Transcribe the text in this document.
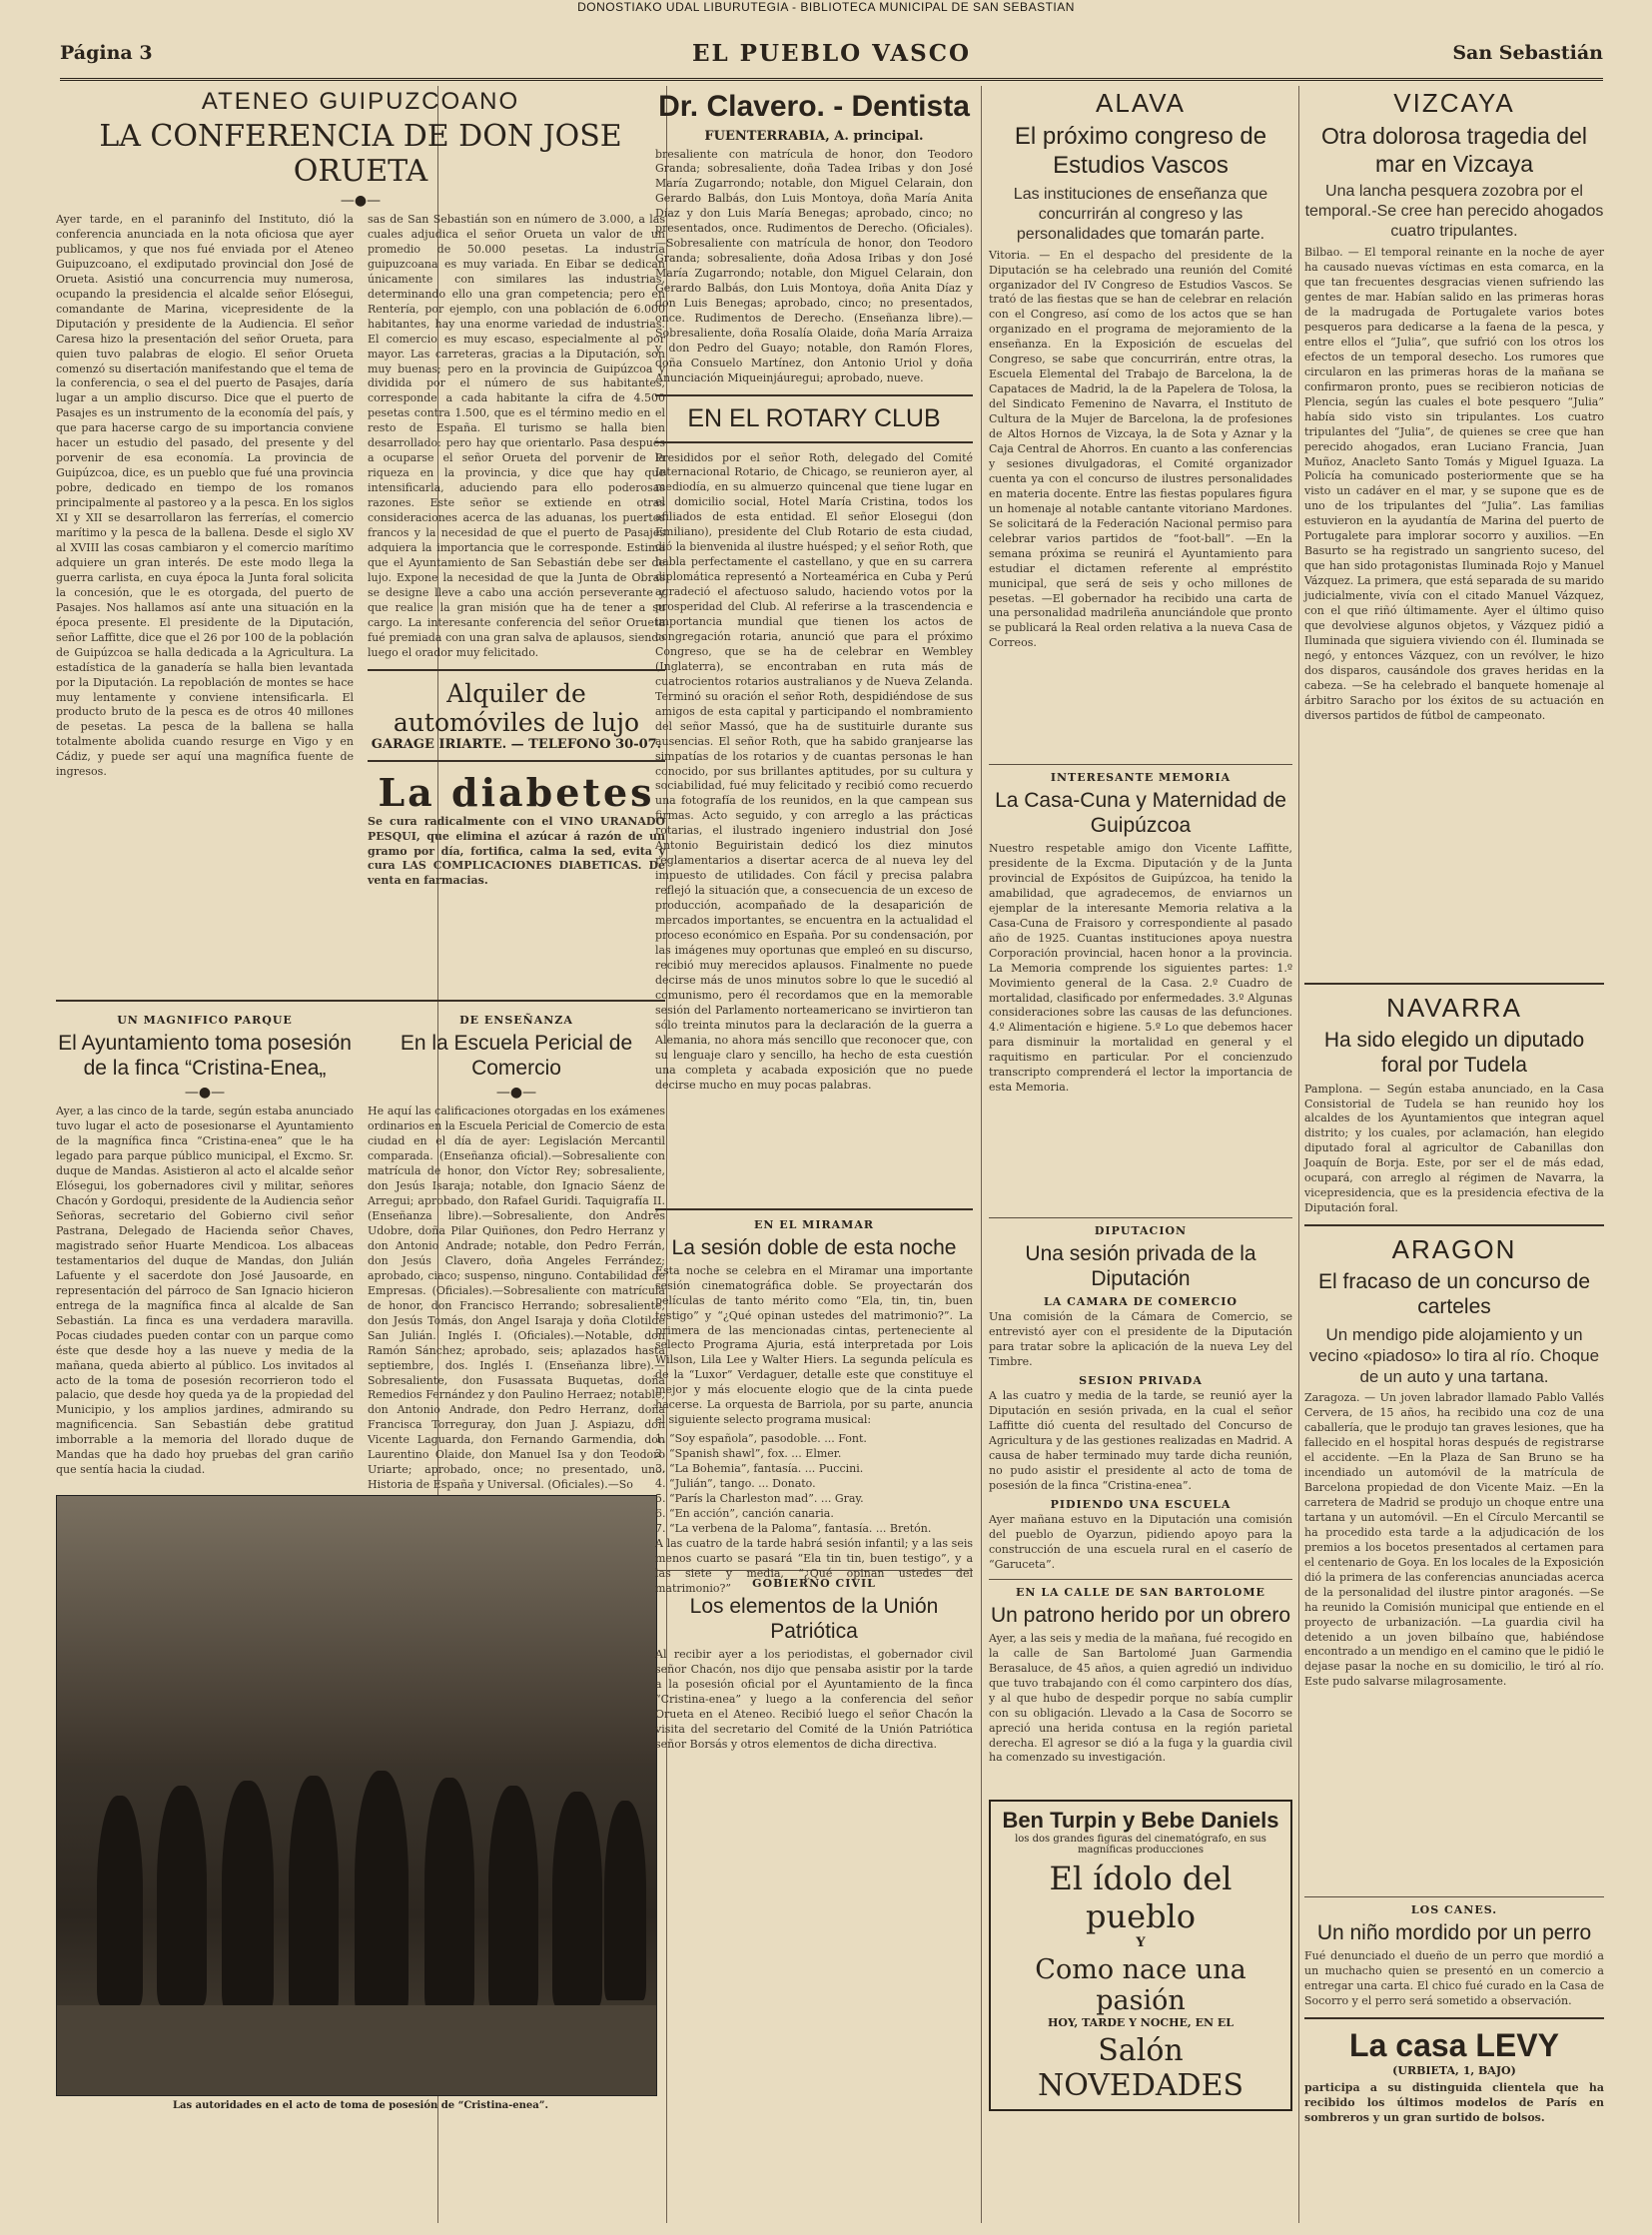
DONOSTIAKO UDAL LIBURUTEGIA - BIBLIOTECA MUNICIPAL DE SAN SEBASTIAN
Página 3	EL PUEBLO VASCO	San Sebastián
ATENEO GUIPUZCOANO
LA CONFERENCIA DE DON JOSE ORUETA
—●—

Ayer tarde, en el paraninfo del Instituto, dió la conferencia anunciada en la nota oficiosa que ayer publicamos, y que nos fué enviada por el Ateneo Guipuzcoano, el exdiputado provincial don José de Orueta. Asistió una concurrencia muy numerosa, ocupando la presidencia el alcalde señor Elósegui, comandante de Marina, vicepresidente de la Diputación y presidente de la Audiencia. El señor Caresa hizo la presentación del señor Orueta, para quien tuvo palabras de elogio. El señor Orueta comenzó su disertación manifestando que el tema de la conferencia, o sea el del puerto de Pasajes, daría lugar a un amplio discurso. Dice que el puerto de Pasajes es un instrumento de la economía del país, y que para hacerse cargo de su importancia conviene hacer un estudio del pasado, del presente y del porvenir de esa economía. La provincia de Guipúzcoa, dice, es un pueblo que fué una provincia pobre, dedicado en tiempo de los romanos principalmente al pastoreo y a la pesca. En los siglos XI y XII se desarrollaron las ferrerías, el comercio marítimo y la pesca de la ballena. Desde el siglo XV al XVIII las cosas cambiaron y el comercio marítimo adquiere un gran interés. De este modo llega la guerra carlista, en cuya época la Junta foral solicita la concesión, que le es otorgada, del puerto de Pasajes. Nos hallamos así ante una situación en la época presente. El presidente de la Diputación, señor Laffitte, dice que el 26 por 100 de la población de Guipúzcoa se halla dedicada a la Agricultura. La estadística de la ganadería se halla bien levantada por la Diputación. La repoblación de montes se hace muy lentamente y conviene intensificarla. El producto bruto de la pesca es de otros 40 millones de pesetas. La pesca de la ballena se halla totalmente abolida cuando resurge en Vigo y en Cádiz, y puede ser aquí una magnífica fuente de ingresos.

sas de San Sebastián son en número de 3.000, a las cuales adjudica el señor Orueta un valor de un promedio de 50.000 pesetas. La industria guipuzcoana es muy variada. En Eibar se dedican únicamente con similares las industrias, determinando ello una gran competencia; pero en Rentería, por ejemplo, con una población de 6.000 habitantes, hay una enorme variedad de industrias. El comercio es muy escaso, especialmente al por mayor. Las carreteras, gracias a la Diputación, son muy buenas; pero en la provincia de Guipúzcoa y dividida por el número de sus habitantes, corresponde a cada habitante la cifra de 4.500 pesetas contra 1.500, que es el término medio en el resto de España. El turismo se halla bien desarrollado: pero hay que orientarlo. Pasa después a ocuparse el señor Orueta del porvenir de la riqueza en la provincia, y dice que hay que intensificarla, aduciendo para ello poderosas razones. Este señor se extiende en otras consideraciones acerca de las aduanas, los puertos francos y la necesidad de que el puerto de Pasajes adquiera la importancia que le corresponde. Estima que el Ayuntamiento de San Sebastián debe ser de lujo. Expone la necesidad de que la Junta de Obras se designe lleve a cabo una acción perseverante y que realice la gran misión que ha de tener a su cargo. La interesante conferencia del señor Orueta fué premiada con una gran salva de aplausos, siendo luego el orador muy felicitado.

Alquiler de automóviles de lujo
GARAGE IRIARTE. — TELEFONO 30-07.
La diabetes

Se cura radicalmente con el VINO URANADO PESQUI, que elimina el azúcar á razón de un gramo por día, fortifica, calma la sed, evita y cura LAS COMPLICACIONES DIABETICAS. De venta en farmacias.

UN MAGNIFICO PARQUE
El Ayuntamiento toma posesión de la finca “Cristina-Enea„
—●—

Ayer, a las cinco de la tarde, según estaba anunciado tuvo lugar el acto de posesionarse el Ayuntamiento de la magnífica finca “Cristina-enea” que le ha legado para parque público municipal, el Excmo. Sr. duque de Mandas. Asistieron al acto el alcalde señor Elósegui, los gobernadores civil y militar, señores Chacón y Gordoqui, presidente de la Audiencia señor Señoras, secretario del Gobierno civil señor Pastrana, Delegado de Hacienda señor Chaves, magistrado señor Huarte Mendicoa. Los albaceas testamentarios del duque de Mandas, don Julián Lafuente y el sacerdote don José Jausoarde, en representación del párroco de San Ignacio hicieron entrega de la magnífica finca al alcalde de San Sebastián. La finca es una verdadera maravilla. Pocas ciudades pueden contar con un parque como éste que desde hoy a las nueve y media de la mañana, queda abierto al público. Los invitados al acto de la toma de posesión recorrieron todo el palacio, que desde hoy queda ya de la propiedad del Municipio, y los amplios jardines, admirando su magnificencia. San Sebastián debe gratitud imborrable a la memoria del llorado duque de Mandas que ha dado hoy pruebas del gran cariño que sentía hacia la ciudad.

DE ENSEÑANZA
En la Escuela Pericial de Comercio
—●—

He aquí las calificaciones otorgadas en los exámenes ordinarios en la Escuela Pericial de Comercio de esta ciudad en el día de ayer: Legislación Mercantil comparada. (Enseñanza oficial).—Sobresaliente con matrícula de honor, don Víctor Rey; sobresaliente, don Jesús Isaraja; notable, don Ignacio Sáenz de Arregui; aprobado, don Rafael Guridi. Taquigrafía II. (Enseñanza libre).—Sobresaliente, don Andrés Udobre, doña Pilar Quiñones, don Pedro Herranz y don Antonio Andrade; notable, don Pedro Ferrán, don Jesús Clavero, doña Angeles Ferrández; aprobado, ciaco; suspenso, ninguno. Contabilidad de Empresas. (Oficiales).—Sobresaliente con matrícula de honor, don Francisco Herrando; sobresaliente, don Jesús Tomás, don Angel Isaraja y doña Clotilde San Julián. Inglés I. (Oficiales).—Notable, don Ramón Sánchez; aprobado, seis; aplazados hasta septiembre, dos. Inglés I. (Enseñanza libre).—Sobresaliente, don Fusassata Buquetas, doña Remedios Fernández y don Paulino Herraez; notable, don Antonio Andrade, don Pedro Herranz, doña Francisca Torreguray, don Juan J. Aspiazu, don Vicente Laguarda, don Fernando Garmendia, don Laurentino Olaide, don Manuel Isa y don Teodoro Uriarte; aprobado, once; no presentado, uno. Historia de España y Universal. (Oficiales).—So

Las autoridades en el acto de toma de posesión de “Cristina-enea”.
Dr. Clavero. - Dentista
FUENTERRABIA, A. principal.

bresaliente con matrícula de honor, don Teodoro Granda; sobresaliente, doña Tadea Iribas y don José María Zugarrondo; notable, don Miguel Celarain, don Gerardo Balbás, don Luis Montoya, doña María Anita Díaz y don Luis María Benegas; aprobado, cinco; no presentados, once. Rudimentos de Derecho. (Oficiales).—Sobresaliente con matrícula de honor, don Teodoro Granda; sobresaliente, doña Adosa Iribas y don José María Zugarrondo; notable, don Miguel Celarain, don Gerardo Balbás, don Luis Montoya, doña Anita Díaz y don Luis Benegas; aprobado, cinco; no presentados, once. Rudimentos de Derecho. (Enseñanza libre).—Sobresaliente, doña Rosalía Olaide, doña María Arraiza y don Pedro del Guayo; notable, don Ramón Flores, doña Consuelo Martínez, don Antonio Uriol y doña Anunciación Miqueinjáuregui; aprobado, nueve.

EN EL ROTARY CLUB

Presididos por el señor Roth, delegado del Comité Internacional Rotario, de Chicago, se reunieron ayer, al mediodía, en su almuerzo quincenal que tiene lugar en el domicilio social, Hotel María Cristina, todos los afiliados de esta entidad. El señor Elosegui (don Emiliano), presidente del Club Rotario de esta ciudad, dió la bienvenida al ilustre huésped; y el señor Roth, que habla perfectamente el castellano, y que en su carrera diplomática representó a Norteamérica en Cuba y Perú agradeció el afectuoso saludo, haciendo votos por la prosperidad del Club. Al referirse a la trascendencia e importancia mundial que tienen los actos de congregación rotaria, anunció que para el próximo Congreso, que se ha de celebrar en Wembley (Inglaterra), se encontraban en ruta más de cuatrocientos rotarios australianos y de Nueva Zelanda. Terminó su oración el señor Roth, despidiéndose de sus amigos de esta capital y participando el nombramiento del señor Massó, que ha de sustituirle durante sus ausencias. El señor Roth, que ha sabido granjearse las simpatías de los rotarios y de cuantas personas le han conocido, por sus brillantes aptitudes, por su cultura y sociabilidad, fué muy felicitado y recibió como recuerdo una fotografía de los reunidos, en la que campean sus firmas. Acto seguido, y con arreglo a las prácticas rotarias, el ilustrado ingeniero industrial don José Antonio Beguiristain dedicó los diez minutos reglamentarios a disertar acerca de al nueva ley del impuesto de utilidades. Con fácil y precisa palabra reflejó la situación que, a consecuencia de un exceso de producción, acompañado de la desaparición de mercados importantes, se encuentra en la actualidad el proceso económico en España. Por su condensación, por las imágenes muy oportunas que empleó en su discurso, recibió muy merecidos aplausos. Finalmente no puede decirse más de unos minutos sobre lo que le sucedió al comunismo, pero él recordamos que en la memorable sesión del Parlamento norteamericano se invirtieron tan sólo treinta minutos para la declaración de la guerra a Alemania, no ahora más sencillo que reconocer que, con su lenguaje claro y sencillo, ha hecho de esta cuestión una completa y acabada exposición que no puede decirse mucho en muy pocas palabras.

EN EL MIRAMAR
La sesión doble de esta noche

Esta noche se celebra en el Miramar una importante sesión cinematográfica doble. Se proyectarán dos películas de tanto mérito como “Ela, tin, tin, buen testigo” y “¿Qué opinan ustedes del matrimonio?”. La primera de las mencionadas cintas, perteneciente al selecto Programa Ajuria, está interpretada por Lois Wilson, Lila Lee y Walter Hiers. La segunda película es de la “Luxor” Verdaguer, detalle este que constituye el mejor y más elocuente elogio que de la cinta puede hacerse. La orquesta de Barriola, por su parte, anuncia el siguiente selecto programa musical:

1. “Soy española”, pasodoble. ... Font.
2. “Spanish shawl”, fox. ... Elmer.
3. “La Bohemia”, fantasía. ... Puccini.
4. “Julián”, tango. ... Donato.
5. “París la Charleston mad”. ... Gray.
6. “En acción”, canción canaria.
7. “La verbena de la Paloma”, fantasía. ... Bretón.

A las cuatro de la tarde habrá sesión infantil; y a las seis menos cuarto se pasará “Ela tin tin, buen testigo”, y a las siete y media, “¿Qué opinan ustedes del matrimonio?”	GOBIERNO CIVIL
Los elementos de la Unión Patriótica

Al recibir ayer a los periodistas, el gobernador civil señor Chacón, nos dijo que pensaba asistir por la tarde a la posesión oficial por el Ayuntamiento de la finca “Cristina-enea” y luego a la conferencia del señor Orueta en el Ateneo. Recibió luego el señor Chacón la visita del secretario del Comité de la Unión Patriótica señor Borsás y otros elementos de dicha directiva.

ALAVA
El próximo congreso de Estudios Vascos
Las instituciones de enseñanza que concurrirán al congreso y las personalidades que tomarán parte.

Vitoria. — En el despacho del presidente de la Diputación se ha celebrado una reunión del Comité organizador del IV Congreso de Estudios Vascos. Se trató de las fiestas que se han de celebrar en relación con el Congreso, así como de los actos que se han organizado en el programa de mejoramiento de la enseñanza. En la Exposición de escuelas del Congreso, se sabe que concurrirán, entre otras, la Escuela Elemental del Trabajo de Barcelona, la de Capataces de Madrid, la de la Papelera de Tolosa, la del Sindicato Femenino de Navarra, el Instituto de Cultura de la Mujer de Barcelona, la de profesiones de Altos Hornos de Vizcaya, la de Sota y Aznar y la Caja Central de Ahorros. En cuanto a las conferencias y sesiones divulgadoras, el Comité organizador cuenta ya con el concurso de ilustres personalidades en materia docente. Entre las fiestas populares figura un homenaje al notable cantante vitoriano Mardones. Se solicitará de la Federación Nacional permiso para celebrar varios partidos de “foot-ball”. —En la semana próxima se reunirá el Ayuntamiento para estudiar el dictamen referente al empréstito municipal, que será de seis y ocho millones de pesetas. —El gobernador ha recibido una carta de una personalidad madrileña anunciándole que pronto se publicará la Real orden relativa a la nueva Casa de Correos.

INTERESANTE MEMORIA
La Casa-Cuna y Maternidad de Guipúzcoa

Nuestro respetable amigo don Vicente Laffitte, presidente de la Excma. Diputación y de la Junta provincial de Expósitos de Guipúzcoa, ha tenido la amabilidad, que agradecemos, de enviarnos un ejemplar de la interesante Memoria relativa a la Casa-Cuna de Fraisoro y correspondiente al pasado año de 1925. Cuantas instituciones apoya nuestra Corporación provincial, hacen honor a la provincia. La Memoria comprende los siguientes partes: 1.º Movimiento general de la Casa. 2.º Cuadro de mortalidad, clasificado por enfermedades. 3.º Algunas consideraciones sobre las causas de las defunciones. 4.º Alimentación e higiene. 5.º Lo que debemos hacer para disminuir la mortalidad en general y el raquitismo en particular. Por el concienzudo transcripto comprenderá el lector la importancia de esta Memoria.

DIPUTACION
Una sesión privada de la Diputación
LA CAMARA DE COMERCIO

Una comisión de la Cámara de Comercio, se entrevistó ayer con el presidente de la Diputación para tratar sobre la aplicación de la nueva Ley del Timbre.

SESION PRIVADA

A las cuatro y media de la tarde, se reunió ayer la Diputación en sesión privada, en la cual el señor Laffitte dió cuenta del resultado del Concurso de Agricultura y de las gestiones realizadas en Madrid. A causa de haber terminado muy tarde dicha reunión, no pudo asistir el presidente al acto de toma de posesión de la finca “Cristina-enea”.

PIDIENDO UNA ESCUELA

Ayer mañana estuvo en la Diputación una comisión del pueblo de Oyarzun, pidiendo apoyo para la construcción de una escuela rural en el caserío de “Garuceta”.

EN LA CALLE DE SAN BARTOLOME
Un patrono herido por un obrero

Ayer, a las seis y media de la mañana, fué recogido en la calle de San Bartolomé Juan Garmendia Berasaluce, de 45 años, a quien agredió un individuo que tuvo trabajando con él como carpintero dos días, y al que hubo de despedir porque no sabía cumplir con su obligación. Llevado a la Casa de Socorro se apreció una herida contusa en la región parietal derecha. El agresor se dió a la fuga y la guardia civil ha comenzado su investigación.

Ben Turpin y Bebe Daniels
los dos grandes figuras del cinematógrafo, en sus magníficas producciones
El ídolo del pueblo
Y
Como nace una pasión
HOY, TARDE Y NOCHE, EN EL
Salón NOVEDADES
VIZCAYA
Otra dolorosa tragedia del mar en Vizcaya
Una lancha pesquera zozobra por el temporal.-Se cree han perecido ahogados cuatro tripulantes.

Bilbao. — El temporal reinante en la noche de ayer ha causado nuevas víctimas en esta comarca, en la que tan frecuentes desgracias vienen sufriendo las gentes de mar. Habían salido en las primeras horas de la madrugada de Portugalete varios botes pesqueros para dedicarse a la faena de la pesca, y entre ellos el “Julia”, que sufrió con los otros los efectos de un temporal desecho. Los rumores que circularon en las primeras horas de la mañana se confirmaron pronto, pues se recibieron noticias de Plencia, según las cuales el bote pesquero “Julia” había sido visto sin tripulantes. Los cuatro tripulantes del “Julia”, de quienes se cree que han perecido ahogados, eran Luciano Francia, Juan Muñoz, Anacleto Santo Tomás y Miguel Iguaza. La Policía ha comunicado posteriormente que se ha visto un cadáver en el mar, y se supone que es de uno de los tripulantes del “Julia”. Las familias estuvieron en la ayudantía de Marina del puerto de Portugalete para implorar socorro y auxilios. —En Basurto se ha registrado un sangriento suceso, del que han sido protagonistas Iluminada Rojo y Manuel Vázquez. La primera, que está separada de su marido judicialmente, vivía con el citado Manuel Vázquez, con el que riñó últimamente. Ayer el último quiso que devolviese algunos objetos, y Vázquez pidió a Iluminada que siguiera viviendo con él. Iluminada se negó, y entonces Vázquez, con un revólver, le hizo dos disparos, causándole dos graves heridas en la cabeza. —Se ha celebrado el banquete homenaje al árbitro Saracho por los éxitos de su actuación en diversos partidos de fútbol de campeonato.

NAVARRA
Ha sido elegido un diputado foral por Tudela

Pamplona. — Según estaba anunciado, en la Casa Consistorial de Tudela se han reunido hoy los alcaldes de los Ayuntamientos que integran aquel distrito; y los cuales, por aclamación, han elegido diputado foral al agricultor de Cabanillas don Joaquín de Borja. Este, por ser el de más edad, ocupará, con arreglo al régimen de Navarra, la vicepresidencia, que es la presidencia efectiva de la Diputación foral.

ARAGON
El fracaso de un concurso de carteles
Un mendigo pide alojamiento y un vecino «piadoso» lo tira al río. Choque de un auto y una tartana.

Zaragoza. — Un joven labrador llamado Pablo Vallés Cervera, de 15 años, ha recibido una coz de una caballería, que le produjo tan graves lesiones, que ha fallecido en el hospital horas después de registrarse el accidente. —En la Plaza de San Bruno se ha incendiado un automóvil de la matrícula de Barcelona propiedad de don Vicente Maiz. —En la carretera de Madrid se produjo un choque entre una tartana y un automóvil. —En el Círculo Mercantil se ha procedido esta tarde a la adjudicación de los premios a los bocetos presentados al certamen para el centenario de Goya. En los locales de la Exposición dió la primera de las conferencias anunciadas acerca de la personalidad del ilustre pintor aragonés. —Se ha reunido la Comisión municipal que entiende en el proyecto de urbanización. —La guardia civil ha detenido a un joven bilbaíno que, habiéndose encontrado a un mendigo en el camino que le pidió le dejase pasar la noche en su domicilio, le tiró al río. Este pudo salvarse milagrosamente.

LOS CANES.
Un niño mordido por un perro

Fué denunciado el dueño de un perro que mordió a un muchacho quien se presentó en un comercio a entregar una carta. El chico fué curado en la Casa de Socorro y el perro será sometido a observación.

La casa LEVY
(URBIETA, 1, BAJO)

participa a su distinguida clientela que ha recibido los últimos modelos de París en sombreros y un gran surtido de bolsos.
